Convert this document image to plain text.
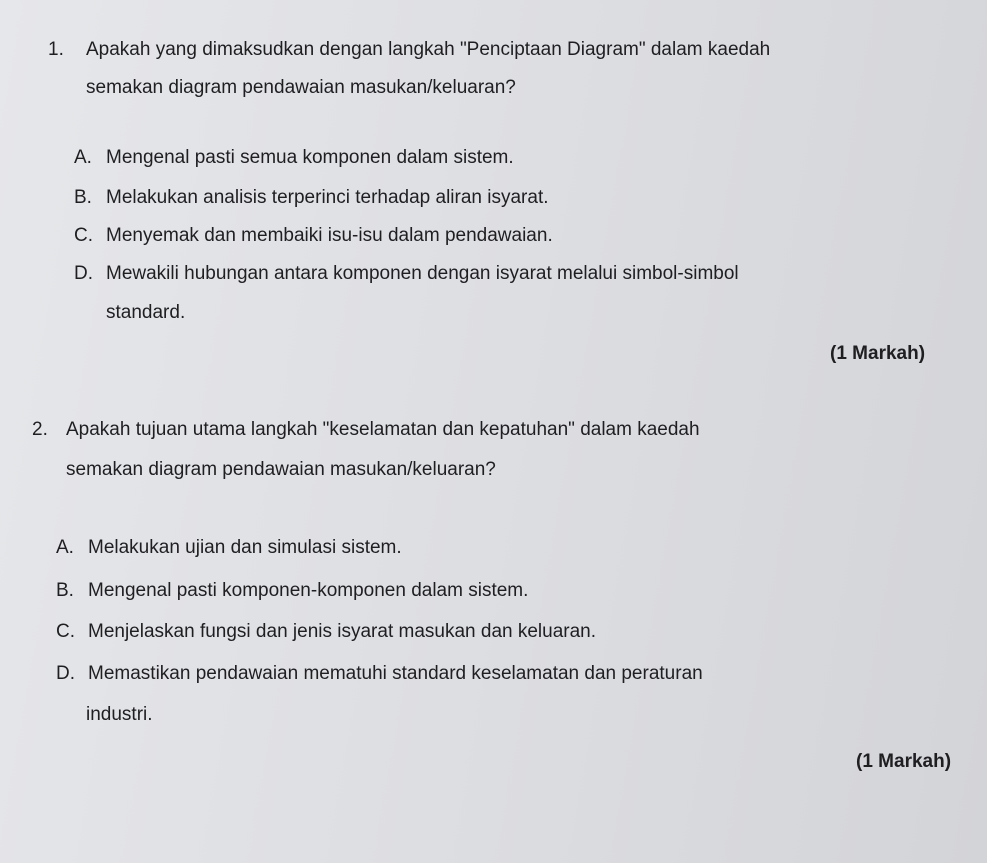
1. Apakah yang dimaksudkan dengan langkah "Penciptaan Diagram" dalam kaedah
semakan diagram pendawaian masukan/keluaran?
A. Mengenal pasti semua komponen dalam sistem.
B. Melakukan analisis terperinci terhadap aliran isyarat.
C. Menyemak dan membaiki isu-isu dalam pendawaian.
D. Mewakili hubungan antara komponen dengan isyarat melalui simbol-simbol
standard.
(1 Markah)
2. Apakah tujuan utama langkah "keselamatan dan kepatuhan" dalam kaedah
semakan diagram pendawaian masukan/keluaran?
A. Melakukan ujian dan simulasi sistem.
B. Mengenal pasti komponen-komponen dalam sistem.
C. Menjelaskan fungsi dan jenis isyarat masukan dan keluaran.
D. Memastikan pendawaian mematuhi standard keselamatan dan peraturan
industri.
(1 Markah)
